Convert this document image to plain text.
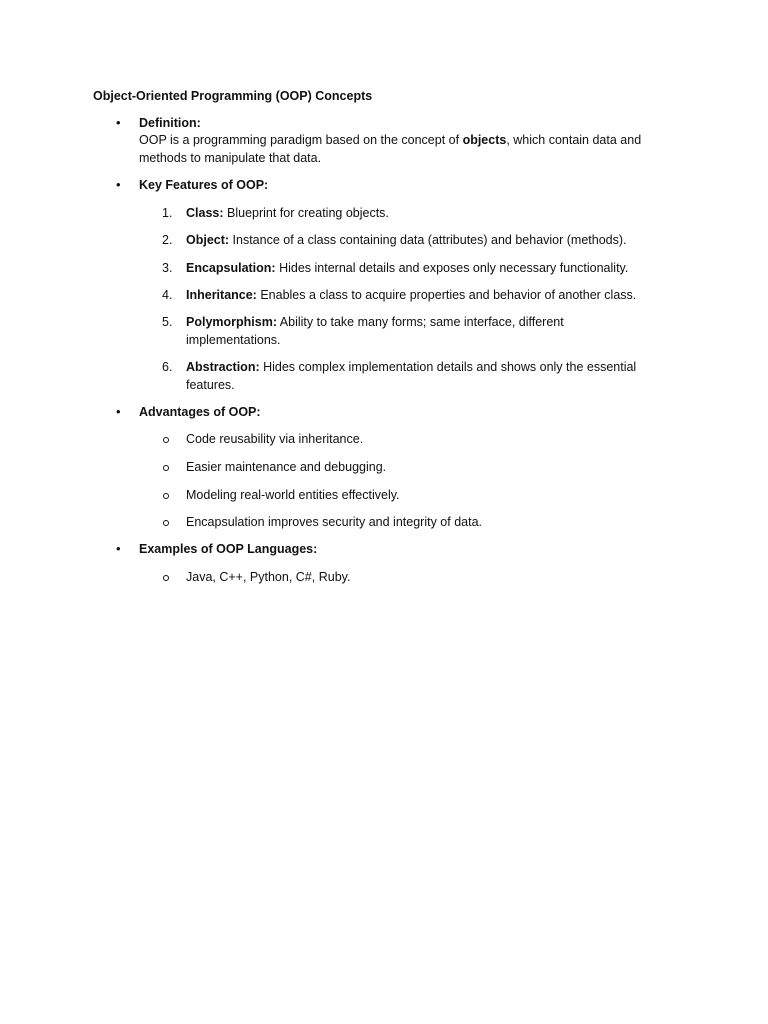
Object-Oriented Programming (OOP) Concepts
• Definition:
OOP is a programming paradigm based on the concept of objects, which contain data and methods to manipulate that data.
• Key Features of OOP:
1.	Class: Blueprint for creating objects.
2.	Object: Instance of a class containing data (attributes) and behavior (methods).
3.	Encapsulation: Hides internal details and exposes only necessary functionality.
4.	Inheritance: Enables a class to acquire properties and behavior of another class.
5.	Polymorphism: Ability to take many forms; same interface, different implementations.
6.	Abstraction: Hides complex implementation details and shows only the essential features.
• Advantages of OOP:
Code reusability via inheritance.
Easier maintenance and debugging.
Modeling real-world entities effectively.
Encapsulation improves security and integrity of data.
• Examples of OOP Languages:
Java, C++, Python, C#, Ruby.
